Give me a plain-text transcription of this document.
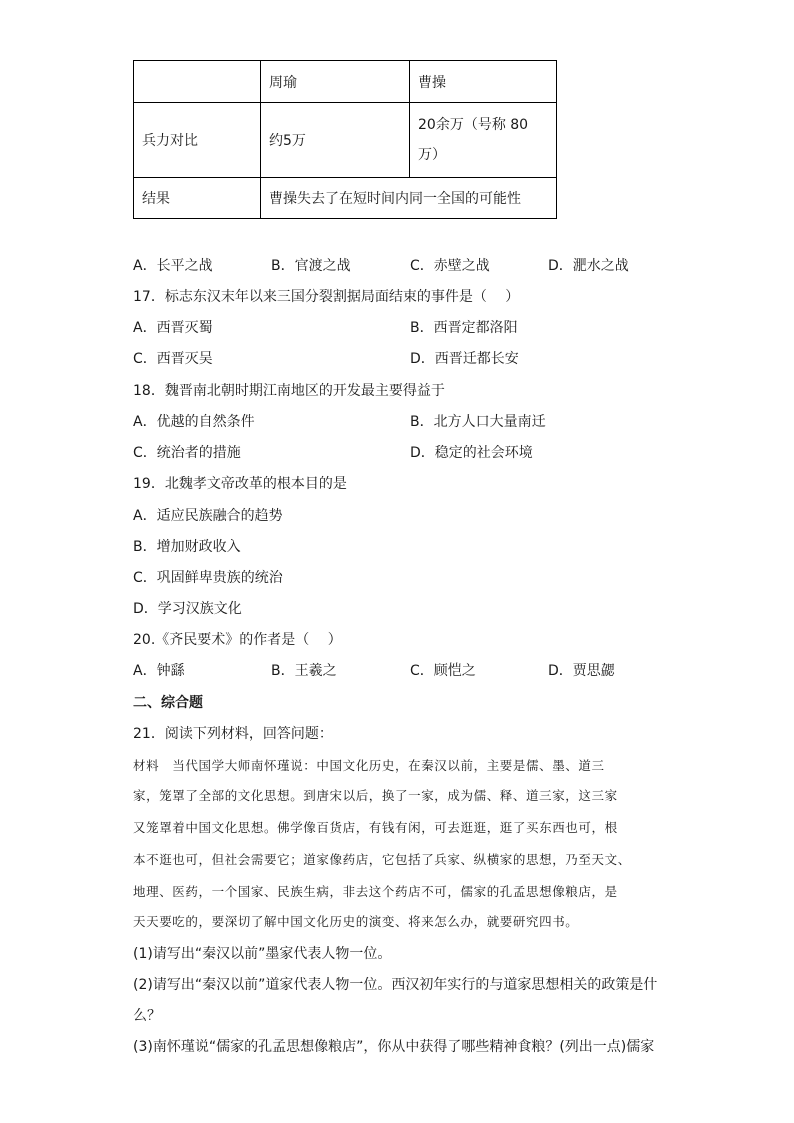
	周瑜	曹操
兵力对比	约5万	20余万（号称 80
万）

结果	曹操失去了在短时间内同一全国的可能性	
A．长平之战	B．官渡之战	C．赤壁之战	D．淝水之战
17．标志东汉末年以来三国分裂割据局面结束的事件是（　 ）
A．西晋灭蜀	B．西晋定都洛阳
C．西晋灭吴	D．西晋迁都长安
18．魏晋南北朝时期江南地区的开发最主要得益于
A．优越的自然条件	B．北方人口大量南迁
C．统治者的措施	D．稳定的社会环境
19．北魏孝文帝改革的根本目的是
A．适应民族融合的趋势
B．增加财政收入
C．巩固鲜卑贵族的统治
D．学习汉族文化
20.《齐民要术》的作者是（　 ）
A．钟繇	B．王羲之	C．顾恺之	D．贾思勰
二、综合题
21．阅读下列材料，回答问题：
材料　当代国学大师南怀瑾说：中国文化历史，在秦汉以前，主要是儒、墨、道三
家，笼罩了全部的文化思想。到唐宋以后，换了一家，成为儒、释、道三家，这三家
又笼罩着中国文化思想。佛学像百货店，有钱有闲，可去逛逛，逛了买东西也可，根
本不逛也可，但社会需要它；道家像药店，它包括了兵家、纵横家的思想，乃至天文、
地理、医药，一个国家、民族生病，非去这个药店不可，儒家的孔孟思想像粮店，是
天天要吃的，要深切了解中国文化历史的演变、将来怎么办，就要研究四书。
(1)请写出“秦汉以前”墨家代表人物一位。
(2)请写出“秦汉以前”道家代表人物一位。西汉初年实行的与道家思想相关的政策是什
么？
(3)南怀瑾说“儒家的孔孟思想像粮店”，你从中获得了哪些精神食粮？(列出一点)儒家
